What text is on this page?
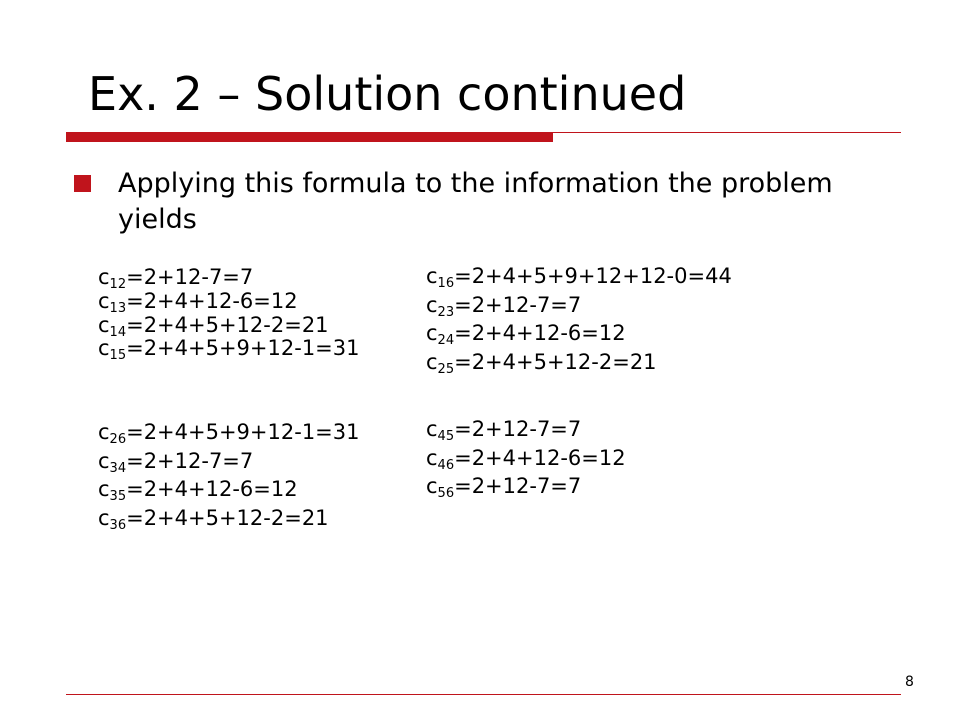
Ex. 2 – Solution continued

Applying this formula to the information the problem yields

$c_{12}=2+12-7=7$
$c_{13}=2+4+12-6=12$
$c_{14}=2+4+5+12-2=21$
$c_{15}=2+4+5+9+12-1=31$
$c_{16}=2+4+5+9+12+12-0=44$
$c_{23}=2+12-7=7$
$c_{24}=2+4+12-6=12$
$c_{25}=2+4+5+12-2=21$
$c_{26}=2+4+5+9+12-1=31$
$c_{34}=2+12-7=7$
$c_{35}=2+4+12-6=12$
$c_{36}=2+4+5+12-2=21$
$c_{45}=2+12-7=7$
$c_{46}=2+4+12-6=12$
$c_{56}=2+12-7=7$
8
